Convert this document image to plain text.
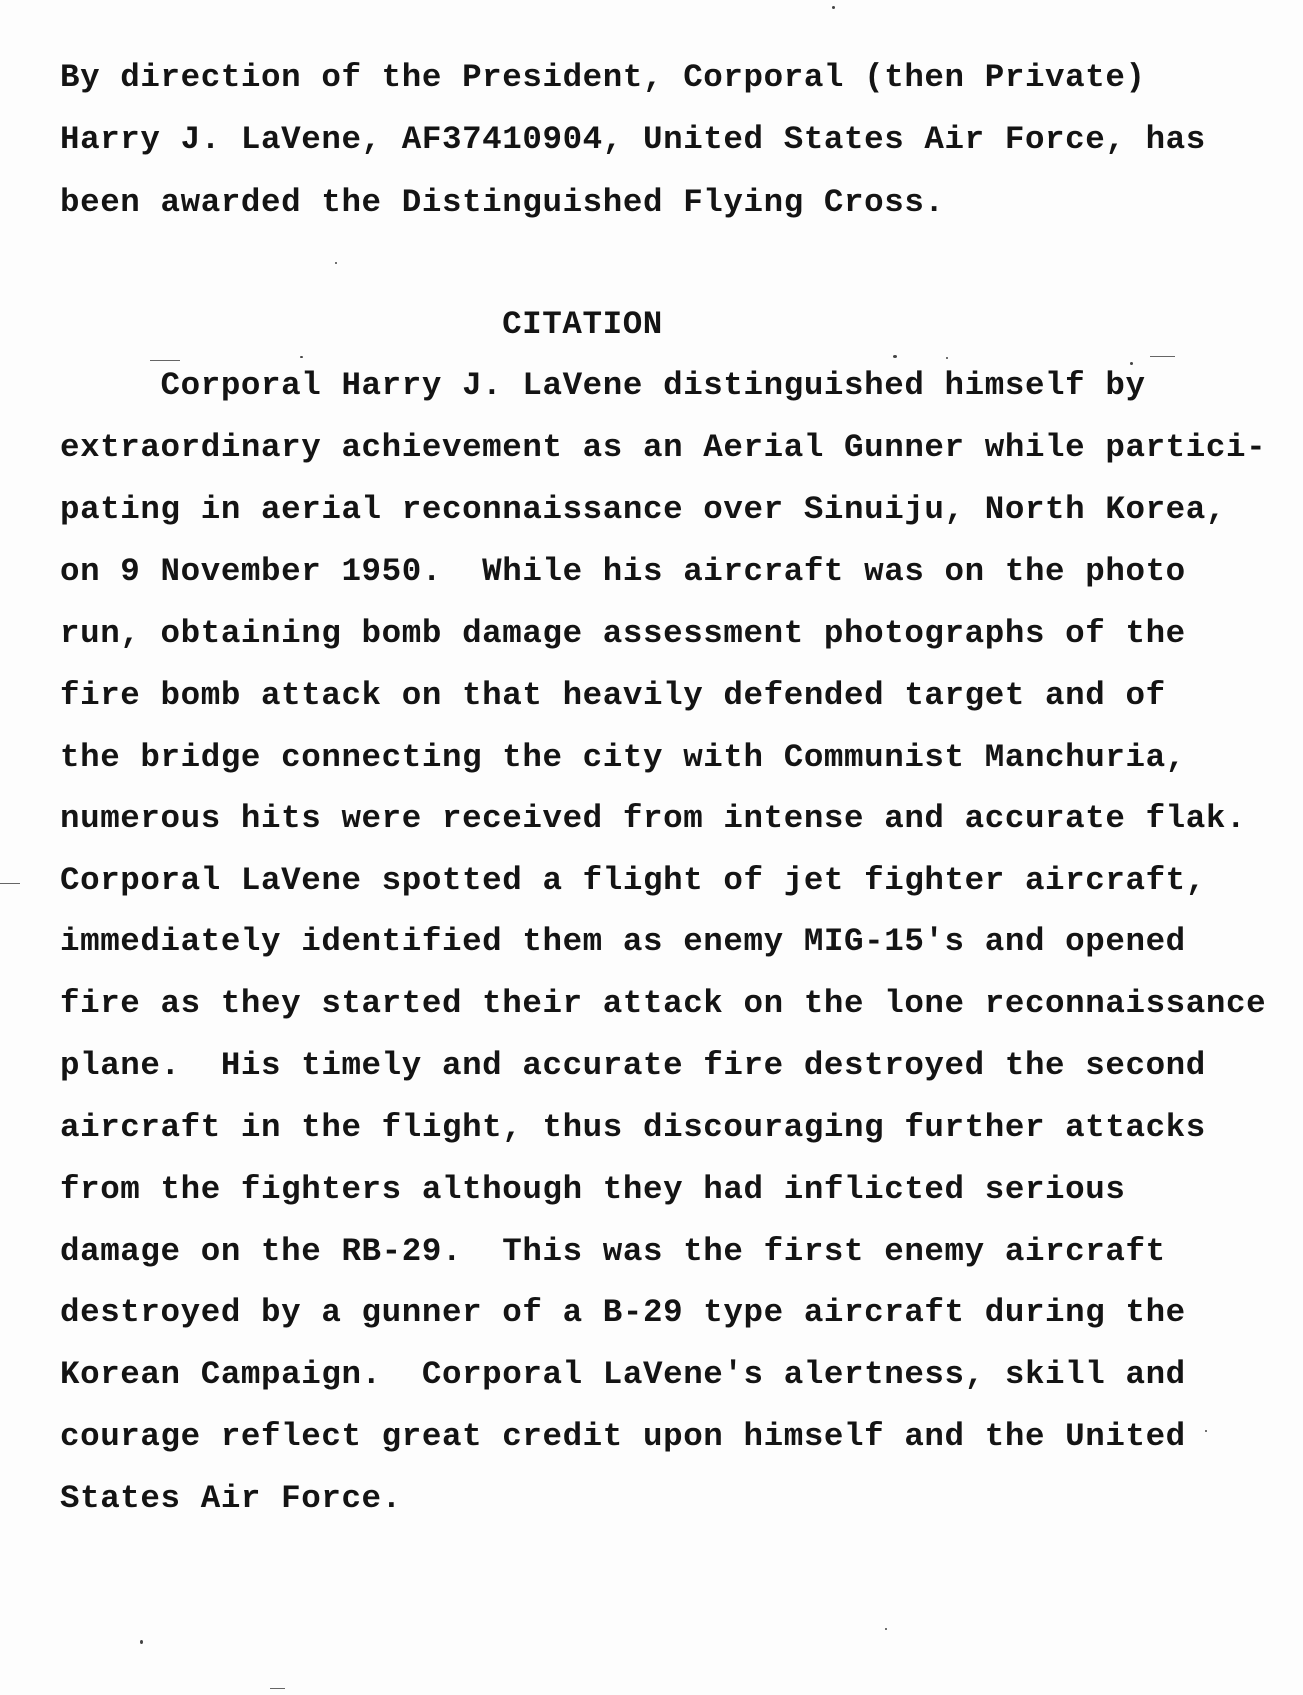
By direction of the President, Corporal (then Private)
Harry J. LaVene, AF37410904, United States Air Force, has
been awarded the Distinguished Flying Cross.
CITATION
Corporal Harry J. LaVene distinguished himself by
extraordinary achievement as an Aerial Gunner while partici-
pating in aerial reconnaissance over Sinuiju, North Korea,
on 9 November 1950.  While his aircraft was on the photo
run, obtaining bomb damage assessment photographs of the
fire bomb attack on that heavily defended target and of
the bridge connecting the city with Communist Manchuria,
numerous hits were received from intense and accurate flak.
Corporal LaVene spotted a flight of jet fighter aircraft,
immediately identified them as enemy MIG-15's and opened
fire as they started their attack on the lone reconnaissance
plane.  His timely and accurate fire destroyed the second
aircraft in the flight, thus discouraging further attacks
from the fighters although they had inflicted serious
damage on the RB-29.  This was the first enemy aircraft
destroyed by a gunner of a B-29 type aircraft during the
Korean Campaign.  Corporal LaVene's alertness, skill and
courage reflect great credit upon himself and the United
States Air Force.
